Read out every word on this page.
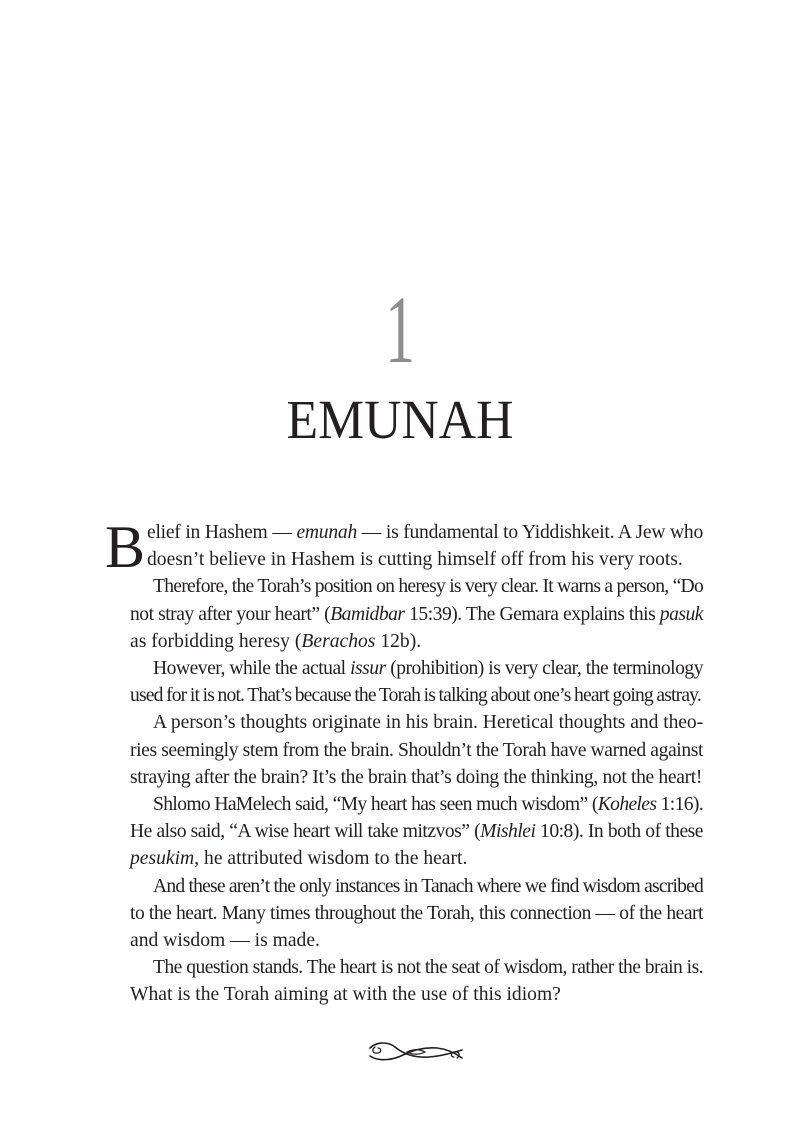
1
EMUNAH

B elief in Hashem — emunah — is fundamental to Yiddishkeit. A Jew who
doesn’t believe in Hashem is cutting himself off from his very roots.

Therefore, the Torah’s position on heresy is very clear. It warns a person, “Do
not stray after your heart” (Bamidbar 15:39). The Gemara explains this pasuk
as forbidding heresy (Berachos 12b).

However, while the actual issur (prohibition) is very clear, the terminology
used for it is not. That’s because the Torah is talking about one’s heart going astray.

A person’s thoughts originate in his brain. Heretical thoughts and theo-
ries seemingly stem from the brain. Shouldn’t the Torah have warned against
straying after the brain? It’s the brain that’s doing the thinking, not the heart!

Shlomo HaMelech said, “My heart has seen much wisdom” (Koheles 1:16).
He also said, “A wise heart will take mitzvos” (Mishlei 10:8). In both of these
pesukim, he attributed wisdom to the heart.

And these aren’t the only instances in Tanach where we find wisdom ascribed
to the heart. Many times throughout the Torah, this connection — of the heart
and wisdom — is made.

The question stands. The heart is not the seat of wisdom, rather the brain is.
What is the Torah aiming at with the use of this idiom?
